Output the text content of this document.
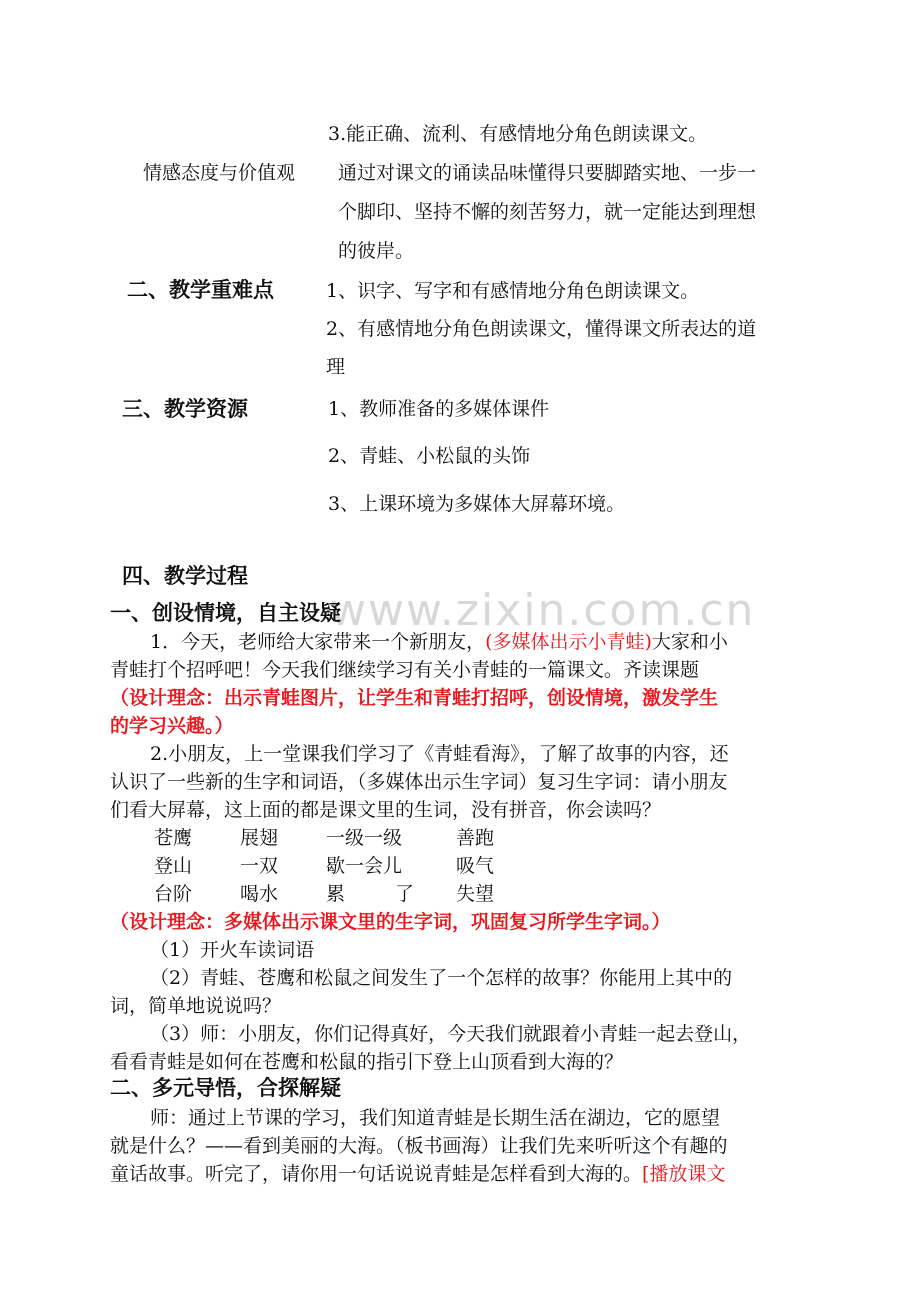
www.zixin.com.cn
3.能正确、流利、有感情地分角色朗读课文。
情感态度与价值观 通过对课文的诵读品味懂得只要脚踏实地、一步一
个脚印、坚持不懈的刻苦努力，就一定能达到理想
的彼岸。
二、教学重难点	1、识字、写字和有感情地分角色朗读课文。
2、有感情地分角色朗读课文，懂得课文所表达的道
理
三、教学资源	1、教师准备的多媒体课件
2、青蛙、小松鼠的头饰
3、上课环境为多媒体大屏幕环境。
四、教学过程
一、创设情境，自主设疑
1．今天，老师给大家带来一个新朋友，(多媒体出示小青蛙)大家和小
青蛙打个招呼吧！今天我们继续学习有关小青蛙的一篇课文。齐读课题
（设计理念：出示青蛙图片，让学生和青蛙打招呼，创设情境，激发学生
的学习兴趣。）
2.小朋友，上一堂课我们学习了《青蛙看海》，了解了故事的内容，还
认识了一些新的生字和词语，（多媒体出示生字词）复习生字词：请小朋友
们看大屏幕，这上面的都是课文里的生词，没有拼音，你会读吗？
苍鹰	展翅	一级一级	善跑
登山	一双	歇一会儿	吸气
台阶	喝水	累	了 失望
（设计理念：多媒体出示课文里的生字词，巩固复习所学生字词。）
（1）开火车读词语
（2）青蛙、苍鹰和松鼠之间发生了一个怎样的故事？你能用上其中的
词，简单地说说吗？
（3）师：小朋友，你们记得真好，今天我们就跟着小青蛙一起去登山，
看看青蛙是如何在苍鹰和松鼠的指引下登上山顶看到大海的？
二、多元导悟，合探解疑
师：通过上节课的学习，我们知道青蛙是长期生活在湖边，它的愿望
就是什么？——看到美丽的大海。（板书画海）让我们先来听听这个有趣的
童话故事。听完了，请你用一句话说说青蛙是怎样看到大海的。[播放课文
